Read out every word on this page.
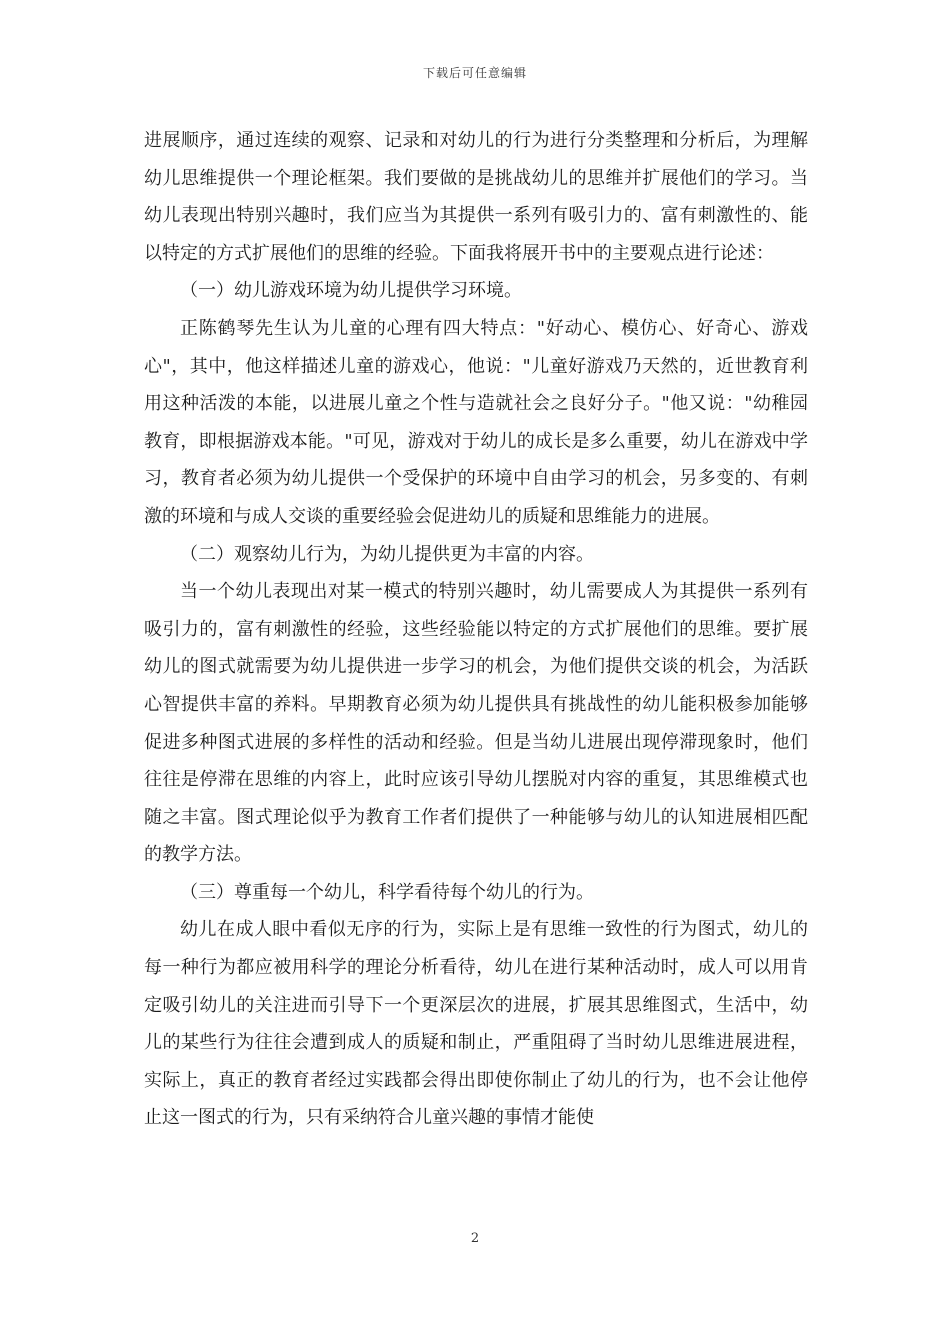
下载后可任意编辑

进展顺序，通过连续的观察、记录和对幼儿的行为进行分类整理和分析后，为理解幼儿思维提供一个理论框架。我们要做的是挑战幼儿的思维并扩展他们的学习。当幼儿表现出特别兴趣时，我们应当为其提供一系列有吸引力的、富有刺激性的、能以特定的方式扩展他们的思维的经验。下面我将展开书中的主要观点进行论述：

（一）幼儿游戏环境为幼儿提供学习环境。

正陈鹤琴先生认为儿童的心理有四大特点："好动心、模仿心、好奇心、游戏心"，其中，他这样描述儿童的游戏心，他说："儿童好游戏乃天然的，近世教育利用这种活泼的本能，以进展儿童之个性与造就社会之良好分子。"他又说："幼稚园教育，即根据游戏本能。"可见，游戏对于幼儿的成长是多么重要，幼儿在游戏中学习，教育者必须为幼儿提供一个受保护的环境中自由学习的机会，另多变的、有刺激的环境和与成人交谈的重要经验会促进幼儿的质疑和思维能力的进展。

（二）观察幼儿行为，为幼儿提供更为丰富的内容。

当一个幼儿表现出对某一模式的特别兴趣时，幼儿需要成人为其提供一系列有吸引力的，富有刺激性的经验，这些经验能以特定的方式扩展他们的思维。要扩展幼儿的图式就需要为幼儿提供进一步学习的机会，为他们提供交谈的机会，为活跃心智提供丰富的养料。早期教育必须为幼儿提供具有挑战性的幼儿能积极参加能够促进多种图式进展的多样性的活动和经验。但是当幼儿进展出现停滞现象时，他们往往是停滞在思维的内容上，此时应该引导幼儿摆脱对内容的重复，其思维模式也随之丰富。图式理论似乎为教育工作者们提供了一种能够与幼儿的认知进展相匹配的教学方法。

（三）尊重每一个幼儿，科学看待每个幼儿的行为。

幼儿在成人眼中看似无序的行为，实际上是有思维一致性的行为图式，幼儿的每一种行为都应被用科学的理论分析看待，幼儿在进行某种活动时，成人可以用肯定吸引幼儿的关注进而引导下一个更深层次的进展，扩展其思维图式，生活中，幼儿的某些行为往往会遭到成人的质疑和制止，严重阻碍了当时幼儿思维进展进程，实际上，真正的教育者经过实践都会得出即使你制止了幼儿的行为，也不会让他停止这一图式的行为，只有采纳符合儿童兴趣的事情才能使

2
